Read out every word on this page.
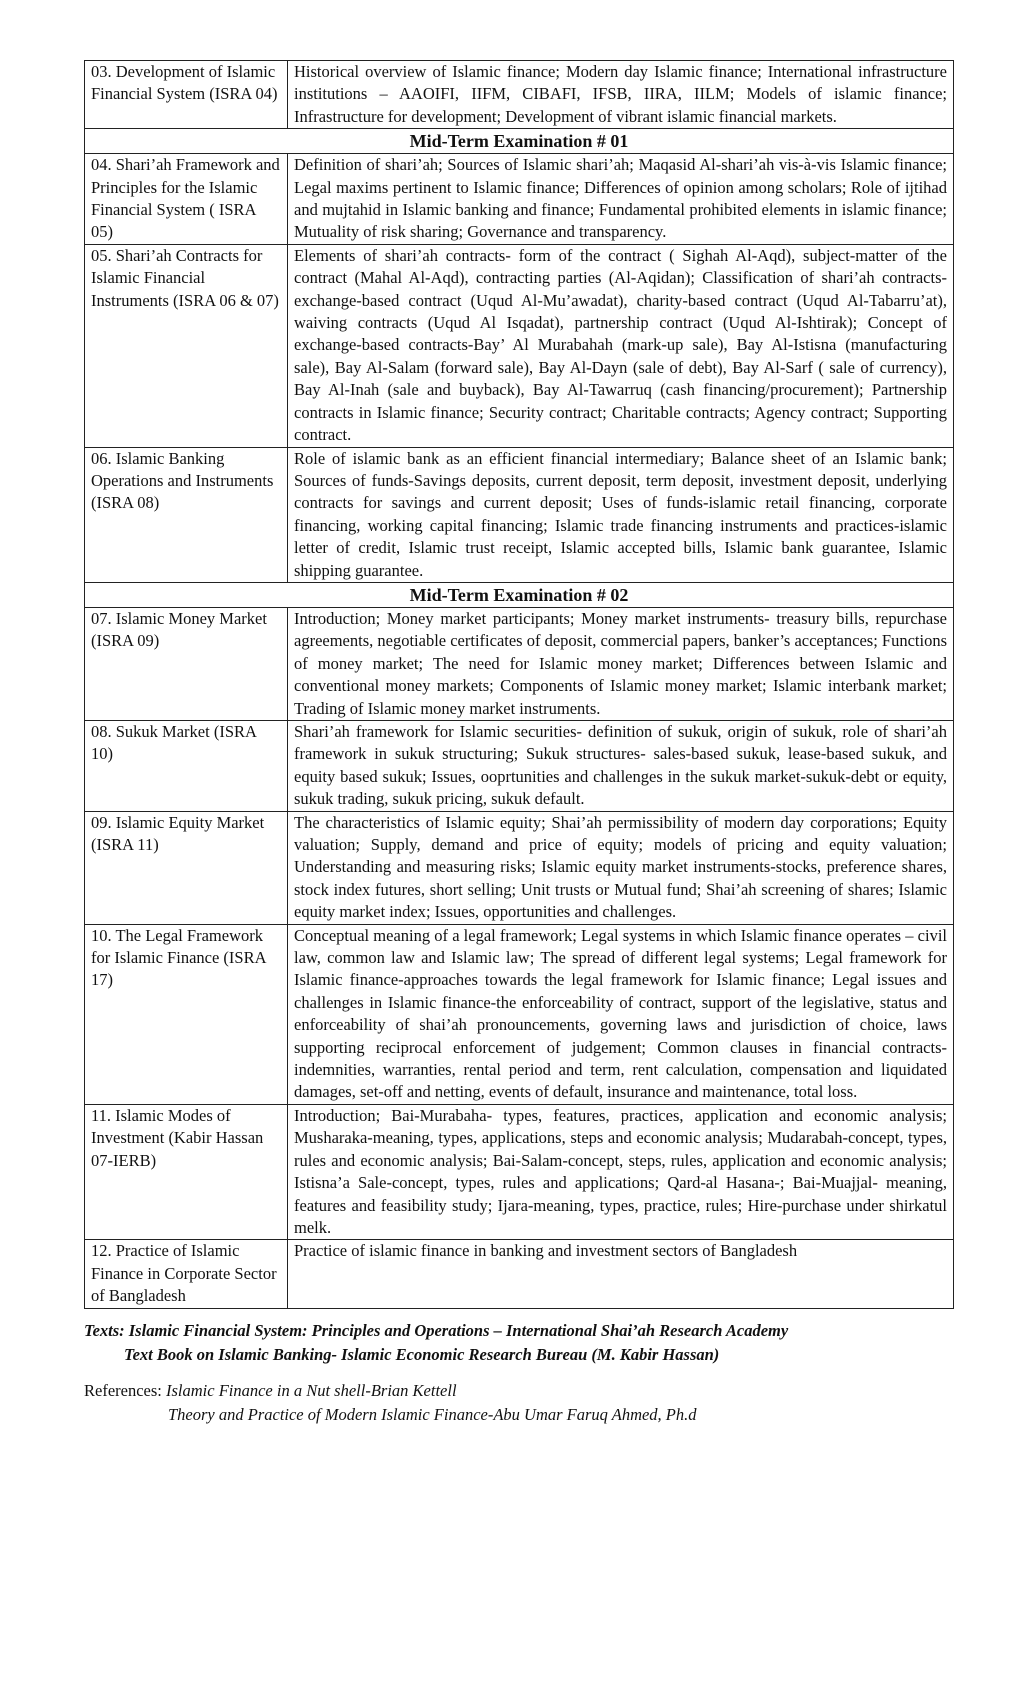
03. Development of Islamic Financial System (ISRA 04)	Historical overview of Islamic finance; Modern day Islamic finance; International infrastructure institutions – AAOIFI, IIFM, CIBAFI, IFSB, IIRA, IILM; Models of islamic finance; Infrastructure for development; Development of vibrant islamic financial markets.
Mid-Term Examination # 01	
04. Shari’ah Framework and Principles for the Islamic Financial System ( ISRA 05)	Definition of shari’ah; Sources of Islamic shari’ah; Maqasid Al-shari’ah vis-à-vis Islamic finance; Legal maxims pertinent to Islamic finance; Differences of opinion among scholars; Role of ijtihad and mujtahid in Islamic banking and finance; Fundamental prohibited elements in islamic finance; Mutuality of risk sharing; Governance and transparency.
05. Shari’ah Contracts for Islamic Financial Instruments (ISRA 06 & 07)	Elements of shari’ah contracts- form of the contract ( Sighah Al-Aqd), subject-matter of the contract (Mahal Al-Aqd), contracting parties (Al-Aqidan); Classification of shari’ah contracts- exchange-based contract (Uqud Al-Mu’awadat), charity-based contract (Uqud Al-Tabarru’at), waiving contracts (Uqud Al Isqadat), partnership contract (Uqud Al-Ishtirak); Concept of exchange-based contracts-Bay’ Al Murabahah (mark-up sale), Bay Al-Istisna (manufacturing sale), Bay Al-Salam (forward sale), Bay Al-Dayn (sale of debt), Bay Al-Sarf ( sale of currency), Bay Al-Inah (sale and buyback), Bay Al-Tawarruq (cash financing/procurement); Partnership contracts in Islamic finance; Security contract; Charitable contracts; Agency contract; Supporting contract.
06. Islamic Banking Operations and Instruments (ISRA 08)	Role of islamic bank as an efficient financial intermediary; Balance sheet of an Islamic bank; Sources of funds-Savings deposits, current deposit, term deposit, investment deposit, underlying contracts for savings and current deposit; Uses of funds-islamic retail financing, corporate financing, working capital financing; Islamic trade financing instruments and practices-islamic letter of credit, Islamic trust receipt, Islamic accepted bills, Islamic bank guarantee, Islamic shipping guarantee.
Mid-Term Examination # 02	
07. Islamic Money Market (ISRA 09)	Introduction; Money market participants; Money market instruments- treasury bills, repurchase agreements, negotiable certificates of deposit, commercial papers, banker’s acceptances; Functions of money market; The need for Islamic money market; Differences between Islamic and conventional money markets; Components of Islamic money market; Islamic interbank market; Trading of Islamic money market instruments.
08. Sukuk Market (ISRA 10)	Shari’ah framework for Islamic securities- definition of sukuk, origin of sukuk, role of shari’ah framework in sukuk structuring; Sukuk structures- sales-based sukuk, lease-based sukuk, and equity based sukuk; Issues, ooprtunities and challenges in the sukuk market-sukuk-debt or equity, sukuk trading, sukuk pricing, sukuk default.
09. Islamic Equity Market (ISRA 11)	The characteristics of Islamic equity; Shai’ah permissibility of modern day corporations; Equity valuation; Supply, demand and price of equity; models of pricing and equity valuation; Understanding and measuring risks; Islamic equity market instruments-stocks, preference shares, stock index futures, short selling; Unit trusts or Mutual fund; Shai’ah screening of shares; Islamic equity market index; Issues, opportunities and challenges.
10. The Legal Framework for Islamic Finance (ISRA 17)	Conceptual meaning of a legal framework; Legal systems in which Islamic finance operates – civil law, common law and Islamic law; The spread of different legal systems; Legal framework for Islamic finance-approaches towards the legal framework for Islamic finance; Legal issues and challenges in Islamic finance-the enforceability of contract, support of the legislative, status and enforceability of shai’ah pronouncements, governing laws and jurisdiction of choice, laws supporting reciprocal enforcement of judgement; Common clauses in financial contracts-indemnities, warranties, rental period and term, rent calculation, compensation and liquidated damages, set-off and netting, events of default, insurance and maintenance, total loss.
11. Islamic Modes of Investment (Kabir Hassan 07-IERB)	Introduction; Bai-Murabaha- types, features, practices, application and economic analysis; Musharaka-meaning, types, applications, steps and economic analysis; Mudarabah-concept, types, rules and economic analysis; Bai-Salam-concept, steps, rules, application and economic analysis; Istisna’a Sale-concept, types, rules and applications; Qard-al Hasana-; Bai-Muajjal- meaning, features and feasibility study; Ijara-meaning, types, practice, rules; Hire-purchase under shirkatul melk.
12. Practice of Islamic Finance in Corporate Sector of Bangladesh	Practice of islamic finance in banking and investment sectors of Bangladesh
Texts: Islamic Financial System: Principles and Operations – International Shai’ah Research Academy
Text Book on Islamic Banking- Islamic Economic Research Bureau (M. Kabir Hassan)
References: Islamic Finance in a Nut shell-Brian Kettell
Theory and Practice of Modern Islamic Finance-Abu Umar Faruq Ahmed, Ph.d
